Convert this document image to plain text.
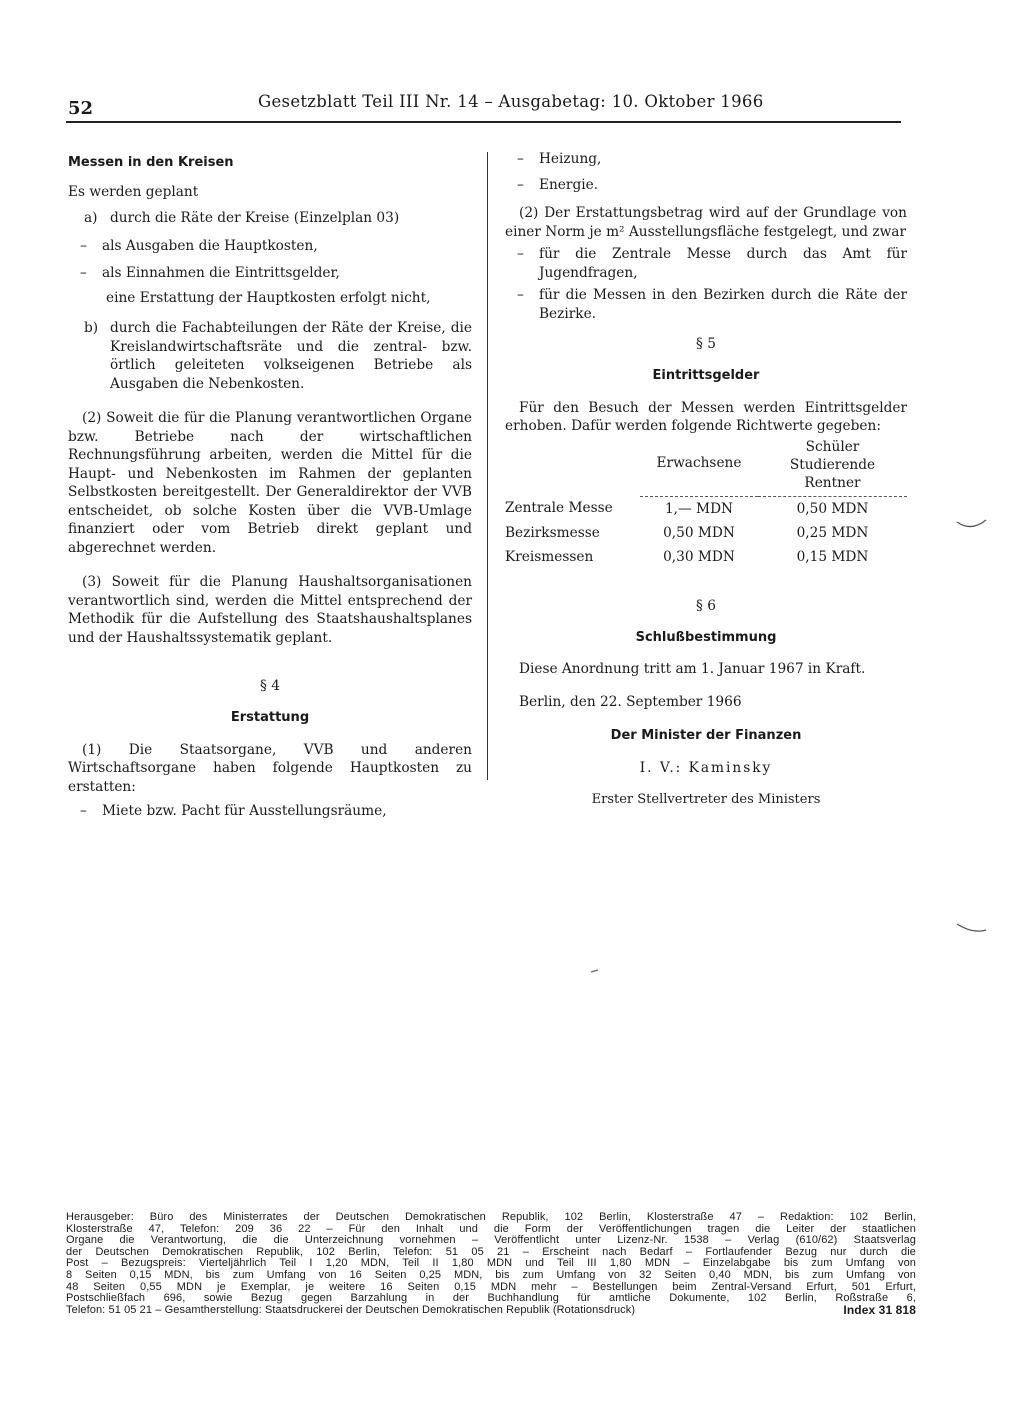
52	Gesetzblatt Teil III Nr. 14 – Ausgabetag: 10. Oktober 1966

Messen in den Kreisen

Es werden geplant

a) durch die Räte der Kreise (Einzelplan 03)

– als Ausgaben die Hauptkosten,

– als Einnahmen die Eintrittsgelder,

eine Erstattung der Hauptkosten erfolgt nicht,

b) durch die Fachabteilungen der Räte der Kreise, die Kreislandwirtschaftsräte und die zentral- bzw. örtlich geleiteten volkseigenen Betriebe als Ausgaben die Nebenkosten.

(2) Soweit die für die Planung verantwortlichen Organe bzw. Betriebe nach der wirtschaftlichen Rechnungsführung arbeiten, werden die Mittel für die Haupt- und Nebenkosten im Rahmen der geplanten Selbstkosten bereitgestellt. Der Generaldirektor der VVB entscheidet, ob solche Kosten über die VVB-Umlage finanziert oder vom Betrieb direkt geplant und abgerechnet werden.

(3) Soweit für die Planung Haushaltsorganisationen verantwortlich sind, werden die Mittel entsprechend der Methodik für die Aufstellung des Staatshaushaltsplanes und der Haushaltssystematik geplant.

§ 4

Erstattung

(1) Die Staatsorgane, VVB und anderen Wirtschaftsorgane haben folgende Hauptkosten zu erstatten:

– Miete bzw. Pacht für Ausstellungsräume,

– Heizung,

– Energie.

(2) Der Erstattungsbetrag wird auf der Grundlage von einer Norm je m² Ausstellungsfläche festgelegt, und zwar

– für die Zentrale Messe durch das Amt für Jugendfragen,

– für die Messen in den Bezirken durch die Räte der Bezirke.

§ 5

Eintrittsgelder

Für den Besuch der Messen werden Eintrittsgelder erhoben. Dafür werden folgende Richtwerte gegeben:

	Erwachsene	Schüler
Studierende
Rentner

Zentrale Messe	1,— MDN	0,50 MDN
Bezirksmesse	0,50 MDN	0,25 MDN
Kreismessen	0,30 MDN	0,15 MDN

§ 6

Schlußbestimmung

Diese Anordnung tritt am 1. Januar 1967 in Kraft.

Berlin, den 22. September 1966

Der Minister der Finanzen

I. V.: Kaminsky

Erster Stellvertreter des Ministers

Herausgeber: Büro des Ministerrates der Deutschen Demokratischen Republik, 102 Berlin, Klosterstraße 47 – Redaktion: 102 Berlin,
Klosterstraße 47, Telefon: 209 36 22 – Für den Inhalt und die Form der Veröffentlichungen tragen die Leiter der staatlichen
Organe die Verantwortung, die die Unterzeichnung vornehmen – Veröffentlicht unter Lizenz-Nr. 1538 – Verlag (610/62) Staatsverlag
der Deutschen Demokratischen Republik, 102 Berlin, Telefon: 51 05 21 – Erscheint nach Bedarf – Fortlaufender Bezug nur durch die
Post – Bezugspreis: Vierteljährlich Teil I 1,20 MDN, Teil II 1,80 MDN und Teil III 1,80 MDN – Einzelabgabe bis zum Umfang von
8 Seiten 0,15 MDN, bis zum Umfang von 16 Seiten 0,25 MDN, bis zum Umfang von 32 Seiten 0,40 MDN, bis zum Umfang von
48 Seiten 0,55 MDN je Exemplar, je weitere 16 Seiten 0,15 MDN mehr – Bestellungen beim Zentral-Versand Erfurt, 501 Erfurt,
Postschließfach 696, sowie Bezug gegen Barzahlung in der Buchhandlung für amtliche Dokumente, 102 Berlin, Roßstraße 6,
Telefon: 51 05 21 – Gesamtherstellung: Staatsdruckerei der Deutschen Demokratischen Republik (Rotationsdruck)	Index 31 818
